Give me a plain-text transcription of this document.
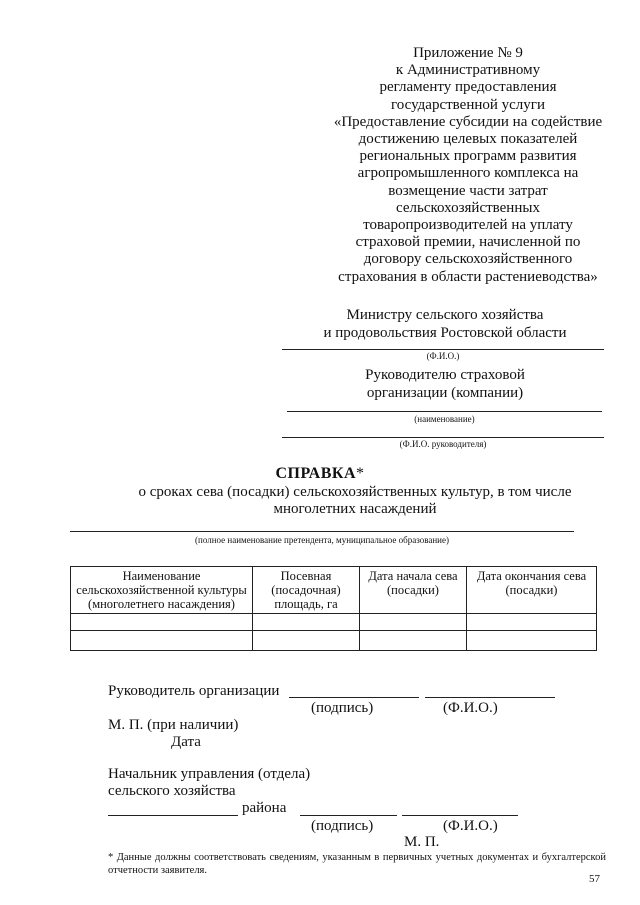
Приложение № 9
к Административному
регламенту предоставления
государственной услуги
«Предоставление субсидии на содействие
достижению целевых показателей
региональных программ развития
агропромышленного комплекса на
возмещение части затрат
сельскохозяйственных
товаропроизводителей на уплату
страховой премии, начисленной по
договору сельскохозяйственного
страхования в области растениеводства»
Министру сельского хозяйства
и продовольствия Ростовской области
(Ф.И.О.)
Руководителю страховой
организации (компании)
(наименование)
(Ф.И.О. руководителя)
СПРАВКА*
о сроках сева (посадки) сельскохозяйственных культур, в том числе
многолетних насаждений
(полное наименование претендента, муниципальное образование)
Наименование сельскохозяйственной культуры (многолетнего насаждения)	Посевная (посадочная) площадь, га	Дата начала сева (посадки)	Дата окончания сева (посадки)

Руководитель организации
(подпись)	(Ф.И.О.)
М. П. (при наличии)
Дата
Начальник управления (отдела)
сельского хозяйства
района
(подпись)	(Ф.И.О.)
М. П.
* Данные должны соответствовать сведениям, указанным в первичных учетных документах и бухгалтерской отчетности заявителя.
57
